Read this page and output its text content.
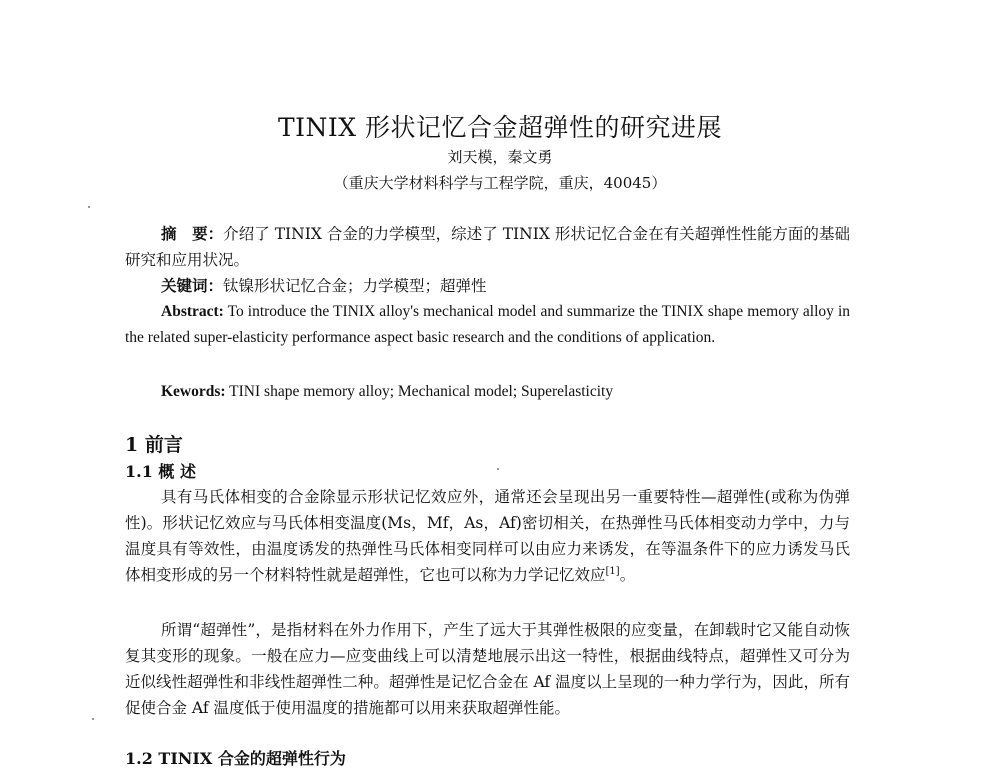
TINIX 形状记忆合金超弹性的研究进展
刘天模，秦文勇
（重庆大学材料科学与工程学院，重庆，40045）
摘　要：介绍了 TINIX 合金的力学模型，综述了 TINIX 形状记忆合金在有关超弹性性能方面的基础研究和应用状况。
关键词：钛镍形状记忆合金；力学模型；超弹性
Abstract: To introduce the TINIX alloy's mechanical model and summarize the TINIX shape memory alloy in the related super-elasticity performance aspect basic research and the conditions of application.
Kewords: TINI shape memory alloy; Mechanical model; Superelasticity
1 前言
1.1 概 述
具有马氏体相变的合金除显示形状记忆效应外，通常还会呈现出另一重要特性—超弹性(或称为伪弹性)。形状记忆效应与马氏体相变温度(Ms，Mf，As，Af)密切相关，在热弹性马氏体相变动力学中，力与温度具有等效性，由温度诱发的热弹性马氏体相变同样可以由应力来诱发，在等温条件下的应力诱发马氏体相变形成的另一个材料特性就是超弹性，它也可以称为力学记忆效应[1]。
所谓“超弹性”，是指材料在外力作用下，产生了远大于其弹性极限的应变量，在卸载时它又能自动恢复其变形的现象。一般在应力—应变曲线上可以清楚地展示出这一特性，根据曲线特点，超弹性又可分为近似线性超弹性和非线性超弹性二种。超弹性是记忆合金在 Af 温度以上呈现的一种力学行为，因此，所有促使合金 Af 温度低于使用温度的措施都可以用来获取超弹性能。
1.2 TINIX 合金的超弹性行为
